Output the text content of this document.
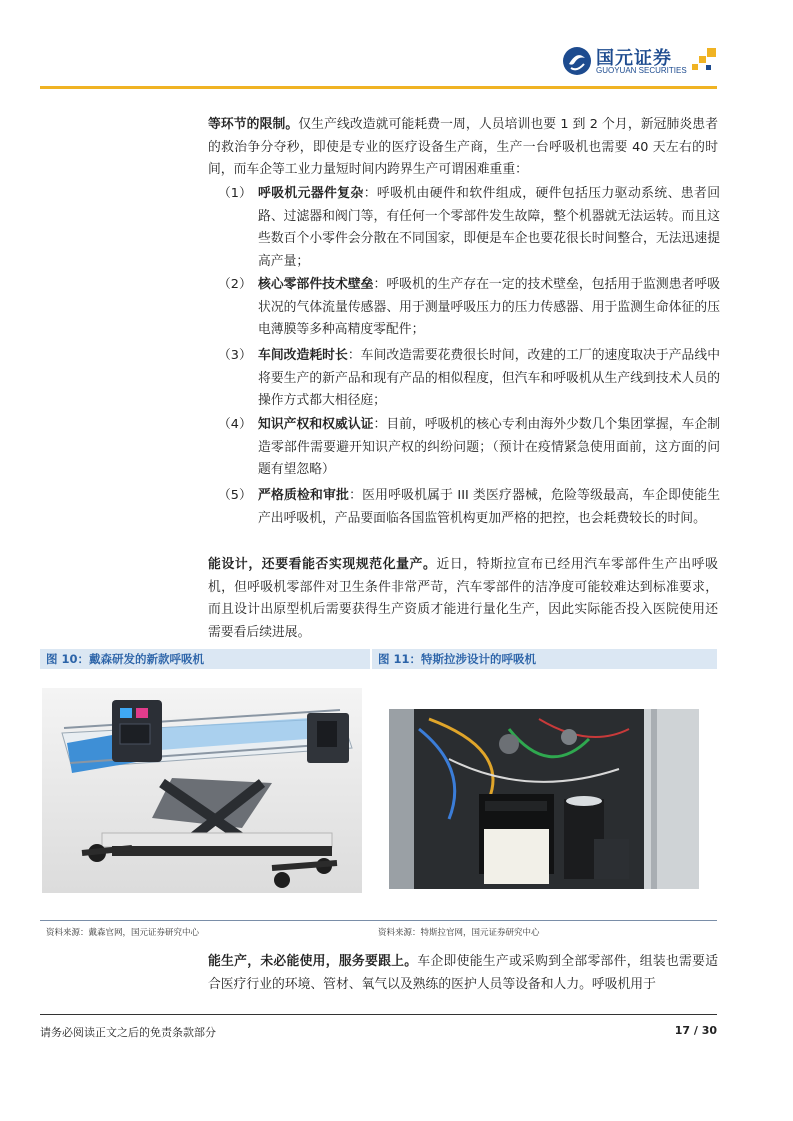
国元证券
GUOYUAN SECURITIES
等环节的限制。仅生产线改造就可能耗费一周，人员培训也要 1 到 2 个月，新冠肺炎患者的救治争分夺秒，即使是专业的医疗设备生产商，生产一台呼吸机也需要 40 天左右的时间，而车企等工业力量短时间内跨界生产可谓困难重重：
（1） 呼吸机元器件复杂：呼吸机由硬件和软件组成，硬件包括压力驱动系统、患者回路、过滤器和阀门等，有任何一个零部件发生故障，整个机器就无法运转。而且这些数百个小零件会分散在不同国家，即便是车企也要花很长时间整合，无法迅速提高产量；
（2） 核心零部件技术壁垒：呼吸机的生产存在一定的技术壁垒，包括用于监测患者呼吸状况的气体流量传感器、用于测量呼吸压力的压力传感器、用于监测生命体征的压电薄膜等多种高精度零配件；
（3） 车间改造耗时长：车间改造需要花费很长时间，改建的工厂的速度取决于产品线中将要生产的新产品和现有产品的相似程度，但汽车和呼吸机从生产线到技术人员的操作方式都大相径庭；
（4） 知识产权和权威认证：目前，呼吸机的核心专利由海外少数几个集团掌握，车企制造零部件需要避开知识产权的纠纷问题；（预计在疫情紧急使用面前，这方面的问题有望忽略）
（5） 严格质检和审批：医用呼吸机属于 III 类医疗器械，危险等级最高，车企即使能生产出呼吸机，产品要面临各国监管机构更加严格的把控，也会耗费较长的时间。
能设计，还要看能否实现规范化量产。近日，特斯拉宣布已经用汽车零部件生产出呼吸机，但呼吸机零部件对卫生条件非常严苛，汽车零部件的洁净度可能较难达到标准要求，而且设计出原型机后需要获得生产资质才能进行量化生产，因此实际能否投入医院使用还需要看后续进展。
图 10：戴森研发的新款呼吸机	图 11：特斯拉涉设计的呼吸机
资料来源：戴森官网，国元证券研究中心	资料来源：特斯拉官网，国元证券研究中心
能生产，未必能使用，服务要跟上。车企即使能生产或采购到全部零部件，组装也需要适合医疗行业的环境、管材、氧气以及熟练的医护人员等设备和人力。呼吸机用于
请务必阅读正文之后的免责条款部分	17 / 30
